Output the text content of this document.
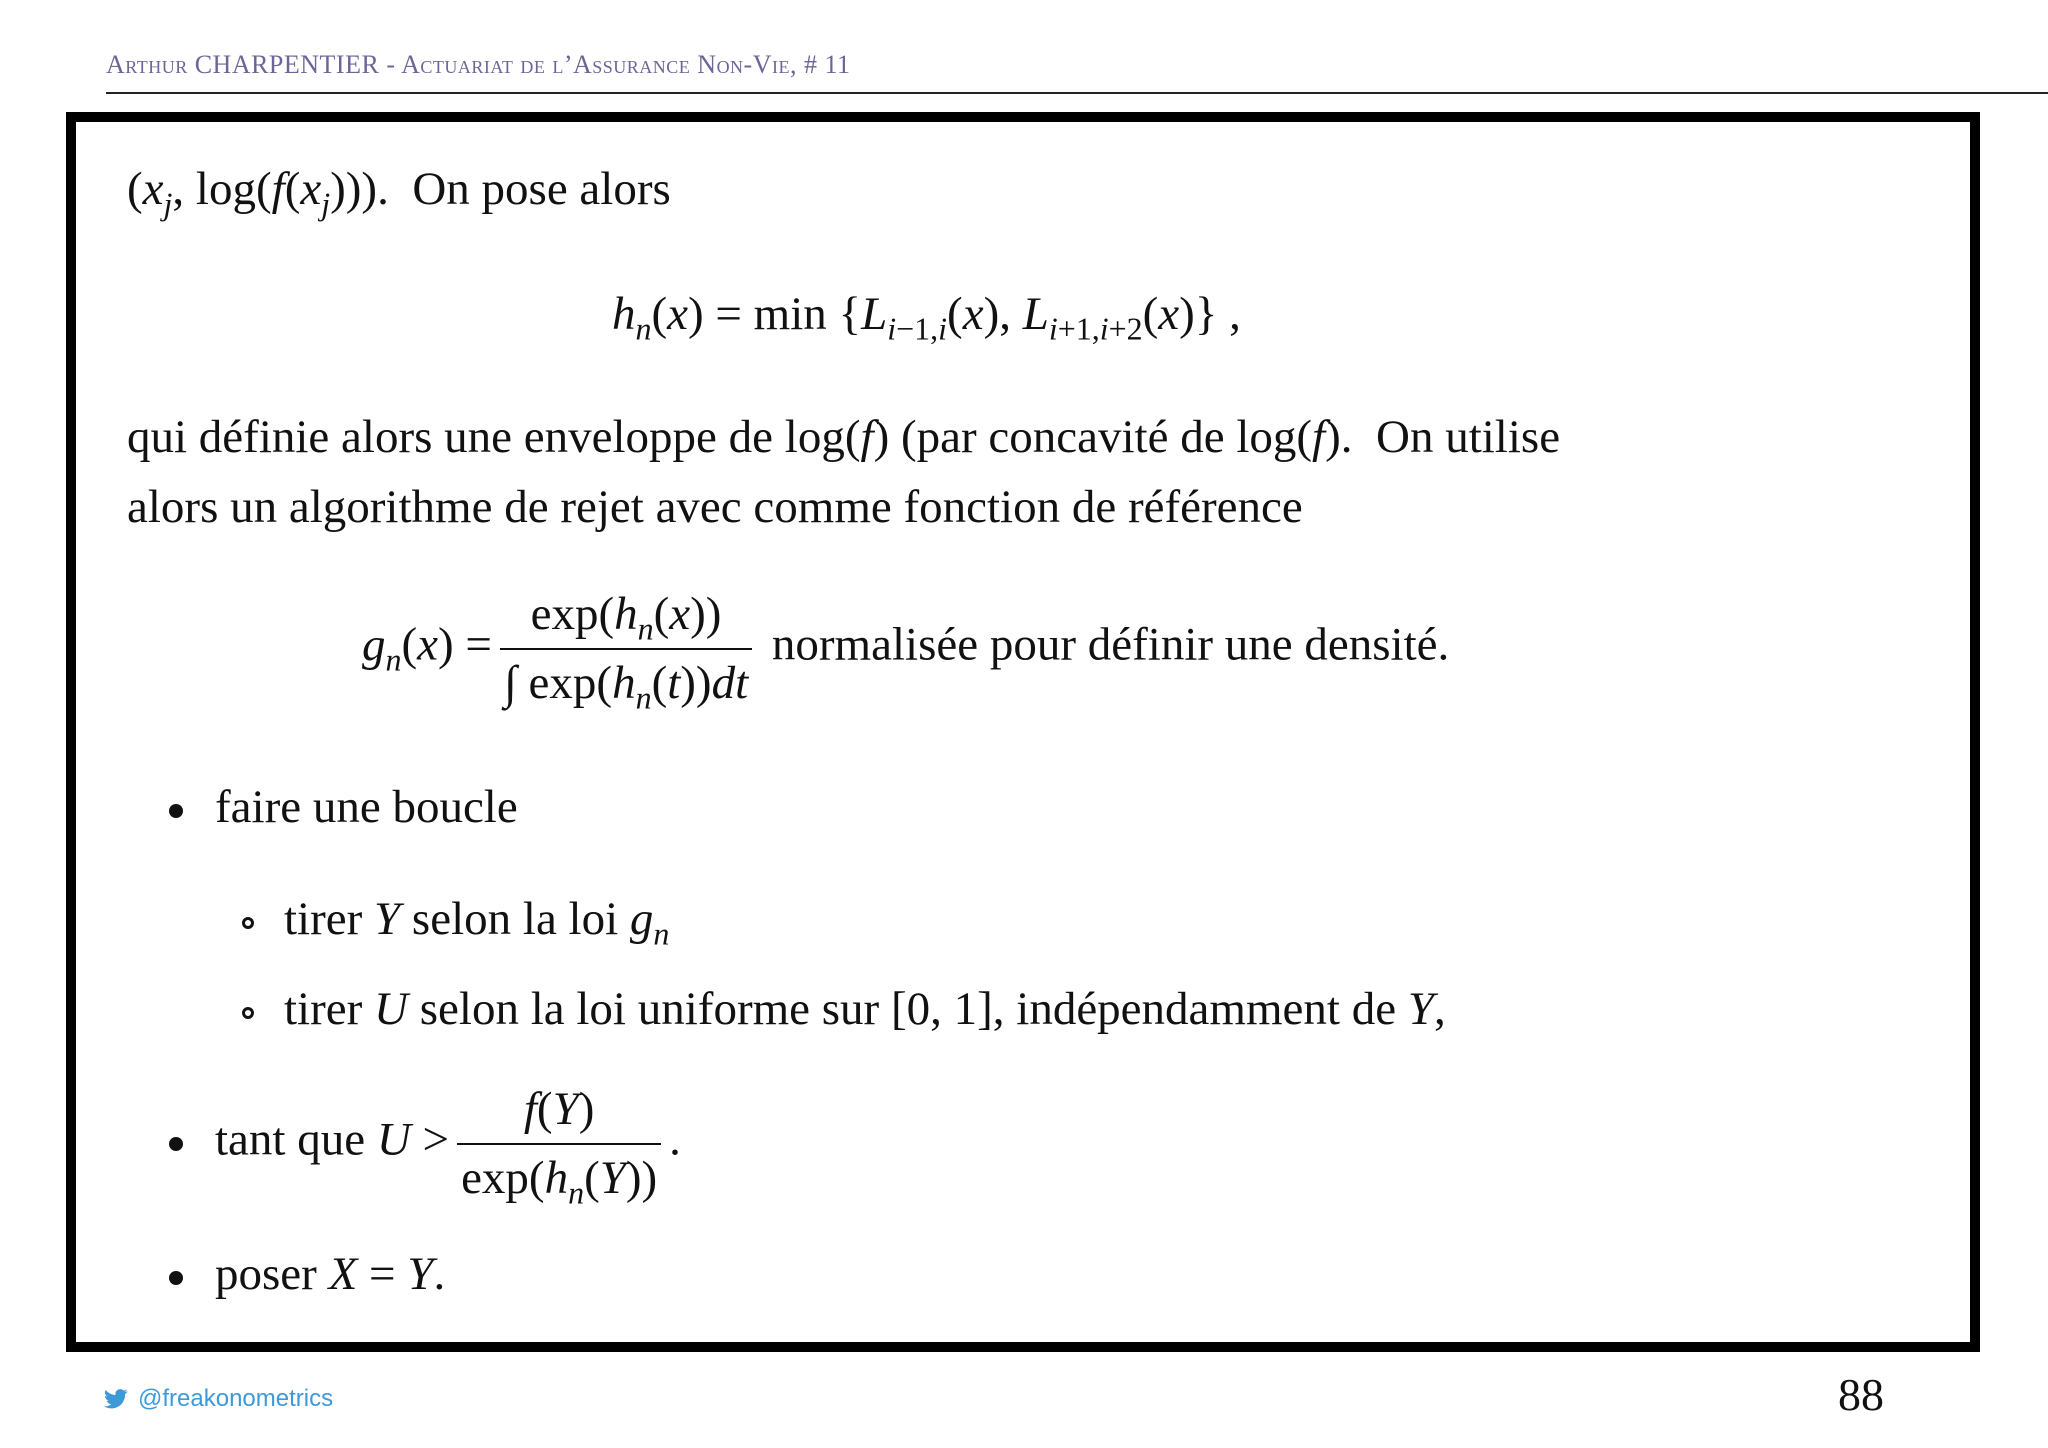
Arthur CHARPENTIER - Actuariat de l’Assurance Non-Vie, # 11
($x_j$, $\log(f(x_j))$).  On pose alors
$h_n(x) = \min \{L_{i-1,i}(x)$, $L_{i+1,i+2}(x)$} ,
qui définie alors une enveloppe de log(f) (par concavité de log(f).  On utilise
alors un algorithme de rejet avec comme fonction de référence
$g_n(x) = \frac{\exp(h_n(x))}{\int \exp(h_n(t))dt}$ normalisée pour définir une densité.
faire une boucle
tirer Y selon la loi $g_n$
tirer U selon la loi uniforme sur [0, 1], indépendamment de Y,
tant que $U > \frac{f(Y)}{\exp(h_n(Y))}$ .
poser X = Y.
@freakonometrics	88
